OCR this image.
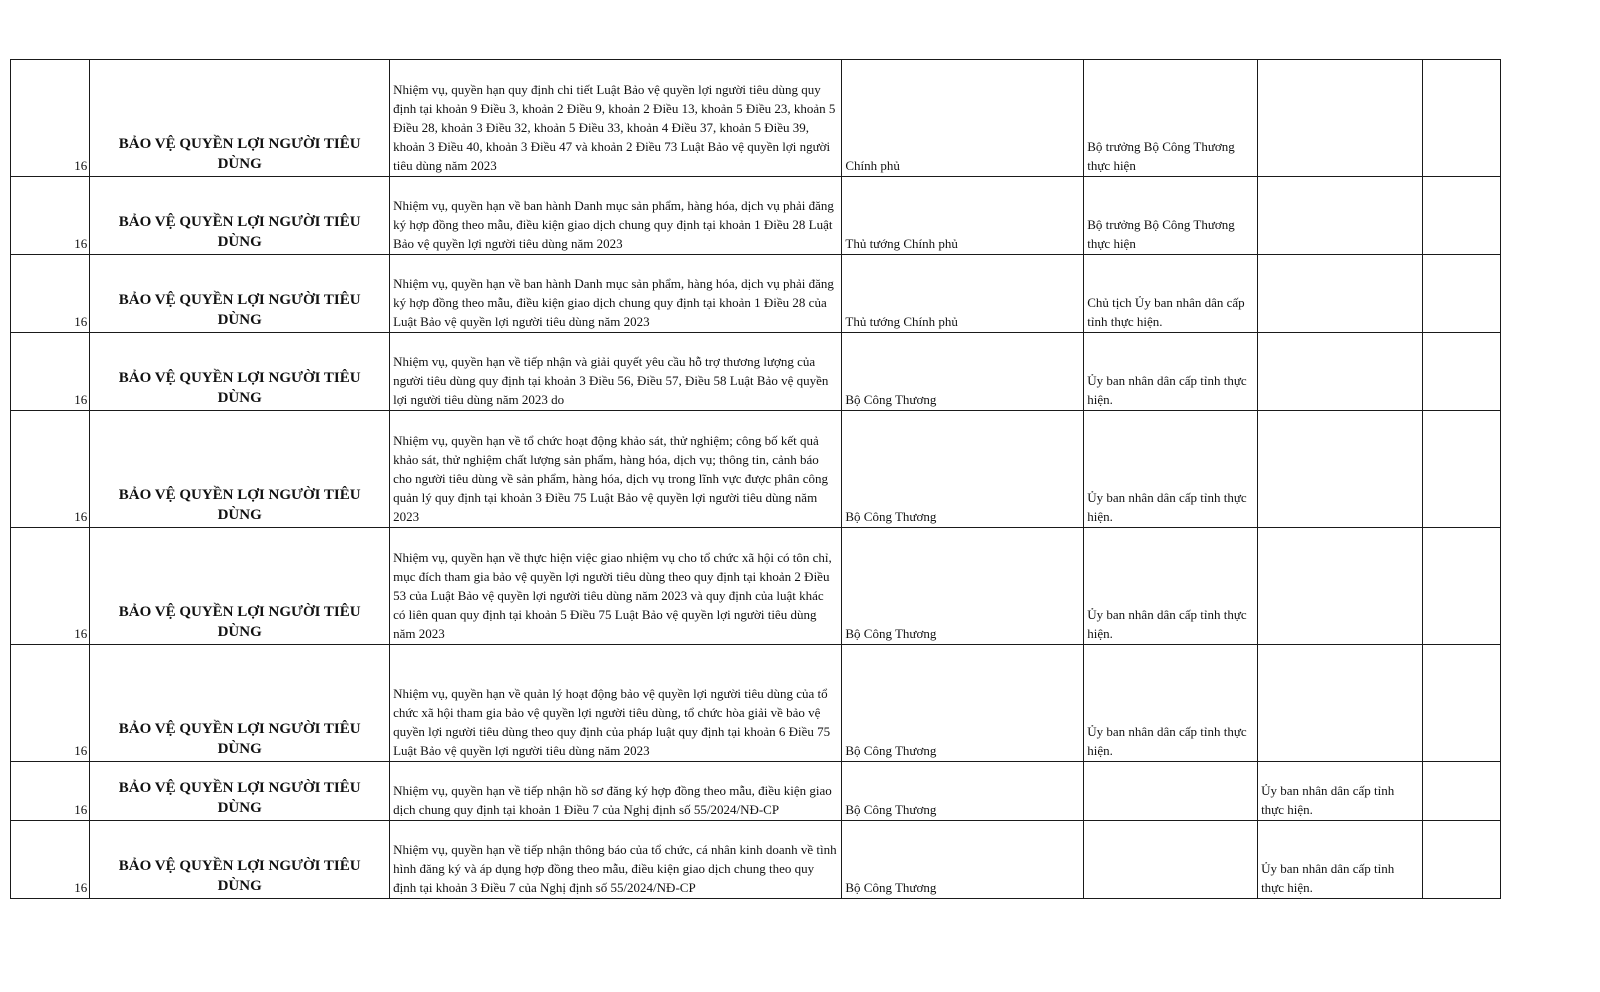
16	BẢO VỆ QUYỀN LỢI NGƯỜI TIÊU DÙNG	Nhiệm vụ, quyền hạn quy định chi tiết Luật Bảo vệ quyền lợi người tiêu dùng quy định tại khoản 9 Điều 3, khoản 2 Điều 9, khoản 2 Điều 13, khoản 5 Điều 23, khoản 5 Điều 28, khoản 3 Điều 32, khoản 5 Điều 33, khoản 4 Điều 37, khoản 5 Điều 39, khoản 3 Điều 40, khoản 3 Điều 47 và khoản 2 Điều 73 Luật Bảo vệ quyền lợi người tiêu dùng năm 2023	Chính phủ	Bộ trưởng Bộ Công Thương thực hiện		
16	BẢO VỆ QUYỀN LỢI NGƯỜI TIÊU DÙNG	Nhiệm vụ, quyền hạn về ban hành Danh mục sản phẩm, hàng hóa, dịch vụ phải đăng ký hợp đồng theo mẫu, điều kiện giao dịch chung quy định tại khoản 1 Điều 28 Luật Bảo vệ quyền lợi người tiêu dùng năm 2023	Thủ tướng Chính phủ	Bộ trưởng Bộ Công Thương thực hiện		
16	BẢO VỆ QUYỀN LỢI NGƯỜI TIÊU DÙNG	Nhiệm vụ, quyền hạn về ban hành Danh mục sản phẩm, hàng hóa, dịch vụ phải đăng ký hợp đồng theo mẫu, điều kiện giao dịch chung quy định tại khoản 1 Điều 28 của Luật Bảo vệ quyền lợi người tiêu dùng năm 2023	Thủ tướng Chính phủ	Chủ tịch Ủy ban nhân dân cấp tỉnh thực hiện.		
16	BẢO VỆ QUYỀN LỢI NGƯỜI TIÊU DÙNG	Nhiệm vụ, quyền hạn về tiếp nhận và giải quyết yêu cầu hỗ trợ thương lượng của người tiêu dùng quy định tại khoản 3 Điều 56, Điều 57, Điều 58 Luật Bảo vệ quyền lợi người tiêu dùng năm 2023 do	Bộ Công Thương	Ủy ban nhân dân cấp tỉnh thực hiện.		
16	BẢO VỆ QUYỀN LỢI NGƯỜI TIÊU DÙNG	Nhiệm vụ, quyền hạn về tổ chức hoạt động khảo sát, thử nghiệm; công bố kết quả khảo sát, thử nghiệm chất lượng sản phẩm, hàng hóa, dịch vụ; thông tin, cảnh báo cho người tiêu dùng về sản phẩm, hàng hóa, dịch vụ trong lĩnh vực được phân công quản lý quy định tại khoản 3 Điều 75 Luật Bảo vệ quyền lợi người tiêu dùng năm 2023	Bộ Công Thương	Ủy ban nhân dân cấp tỉnh thực hiện.		
16	BẢO VỆ QUYỀN LỢI NGƯỜI TIÊU DÙNG	Nhiệm vụ, quyền hạn về thực hiện việc giao nhiệm vụ cho tổ chức xã hội có tôn chỉ, mục đích tham gia bảo vệ quyền lợi người tiêu dùng theo quy định tại khoản 2 Điều 53 của Luật Bảo vệ quyền lợi người tiêu dùng năm 2023 và quy định của luật khác có liên quan quy định tại khoản 5 Điều 75 Luật Bảo vệ quyền lợi người tiêu dùng năm 2023	Bộ Công Thương	Ủy ban nhân dân cấp tỉnh thực hiện.		
16	BẢO VỆ QUYỀN LỢI NGƯỜI TIÊU DÙNG	Nhiệm vụ, quyền hạn về quản lý hoạt động bảo vệ quyền lợi người tiêu dùng của tổ chức xã hội tham gia bảo vệ quyền lợi người tiêu dùng, tổ chức hòa giải về bảo vệ quyền lợi người tiêu dùng theo quy định của pháp luật quy định tại khoản 6 Điều 75 Luật Bảo vệ quyền lợi người tiêu dùng năm 2023	Bộ Công Thương	Ủy ban nhân dân cấp tỉnh thực hiện.		
16	BẢO VỆ QUYỀN LỢI NGƯỜI TIÊU DÙNG	Nhiệm vụ, quyền hạn về tiếp nhận hồ sơ đăng ký hợp đồng theo mẫu, điều kiện giao dịch chung quy định tại khoản 1 Điều 7 của Nghị định số 55/2024/NĐ-CP	Bộ Công Thương		Ủy ban nhân dân cấp tỉnh thực hiện.	
16	BẢO VỆ QUYỀN LỢI NGƯỜI TIÊU DÙNG	Nhiệm vụ, quyền hạn về tiếp nhận thông báo của tổ chức, cá nhân kinh doanh về tình hình đăng ký và áp dụng hợp đồng theo mẫu, điều kiện giao dịch chung theo quy định tại khoản 3 Điều 7 của Nghị định số 55/2024/NĐ-CP	Bộ Công Thương		Ủy ban nhân dân cấp tỉnh thực hiện.	
